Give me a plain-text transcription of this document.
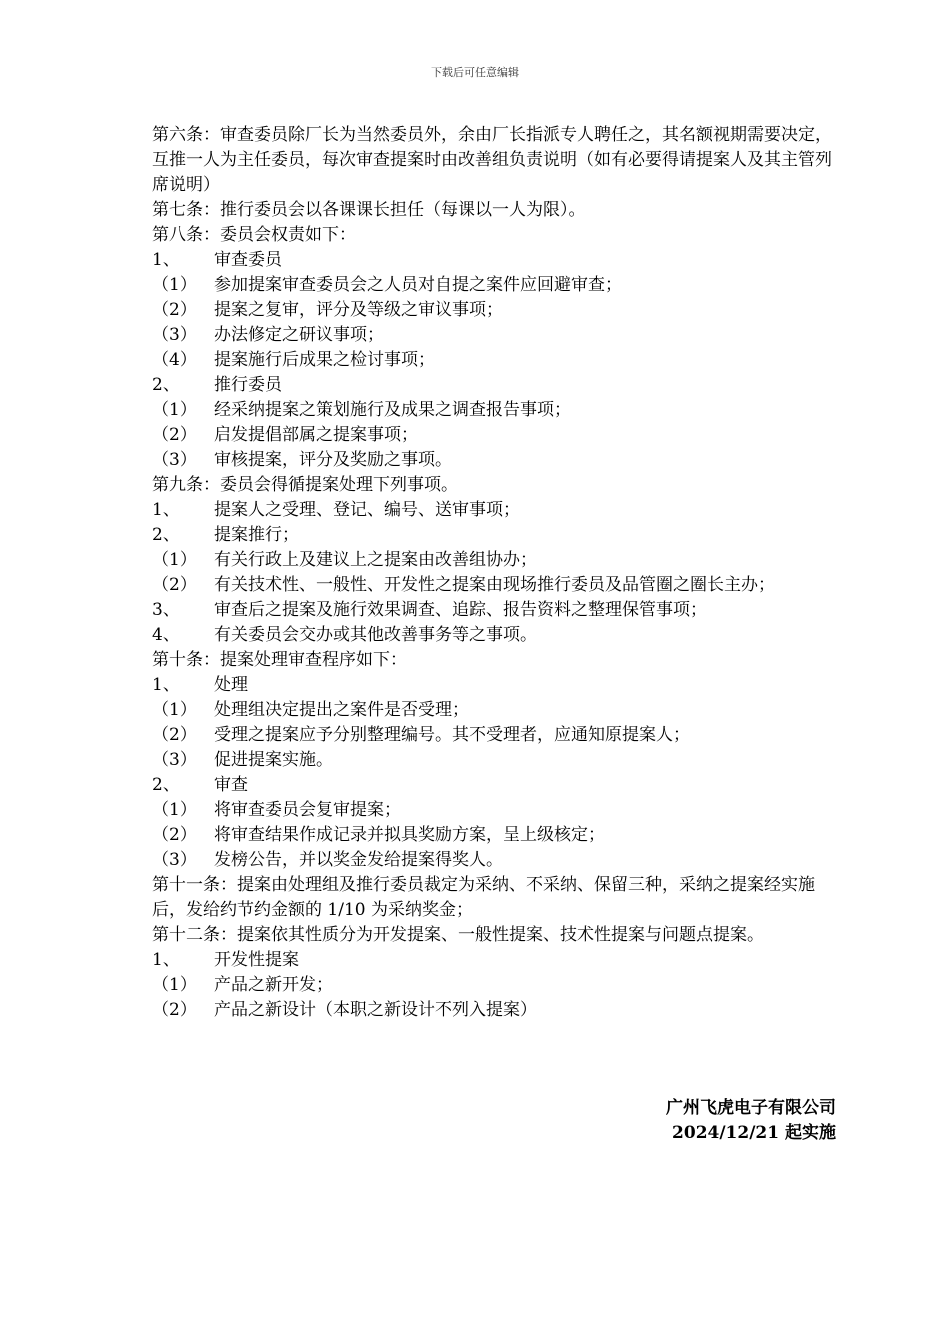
下载后可任意编辑
第六条：审查委员除厂长为当然委员外，余由厂长指派专人聘任之，其名额视期需要决定，互推一人为主任委员，每次审查提案时由改善组负责说明（如有必要得请提案人及其主管列席说明）
第七条：推行委员会以各课课长担任（每课以一人为限）。
第八条：委员会权责如下：
1、 审查委员
（1） 参加提案审查委员会之人员对自提之案件应回避审查；
（2） 提案之复审，评分及等级之审议事项；
（3） 办法修定之研议事项；
（4） 提案施行后成果之检讨事项；
2、 推行委员
（1） 经采纳提案之策划施行及成果之调查报告事项；
（2） 启发提倡部属之提案事项；
（3） 审核提案，评分及奖励之事项。
第九条：委员会得循提案处理下列事项。
1、 提案人之受理、登记、编号、送审事项；
2、 提案推行；
（1） 有关行政上及建议上之提案由改善组协办；
（2） 有关技术性、一般性、开发性之提案由现场推行委员及品管圈之圈长主办；
3、 审查后之提案及施行效果调查、追踪、报告资料之整理保管事项；
4、 有关委员会交办或其他改善事务等之事项。
第十条：提案处理审查程序如下：
1、 处理
（1） 处理组决定提出之案件是否受理；
（2） 受理之提案应予分别整理编号。其不受理者，应通知原提案人；
（3） 促进提案实施。
2、 审查
（1） 将审查委员会复审提案；
（2） 将审查结果作成记录并拟具奖励方案，呈上级核定；
（3） 发榜公告，并以奖金发给提案得奖人。
第十一条：提案由处理组及推行委员裁定为采纳、不采纳、保留三种，采纳之提案经实施后，发给约节约金额的 1/10 为采纳奖金；
第十二条：提案依其性质分为开发提案、一般性提案、技术性提案与问题点提案。
1、 开发性提案
（1） 产品之新开发；
（2） 产品之新设计（本职之新设计不列入提案）
广州飞虎电子有限公司
2024/12/21 起实施
